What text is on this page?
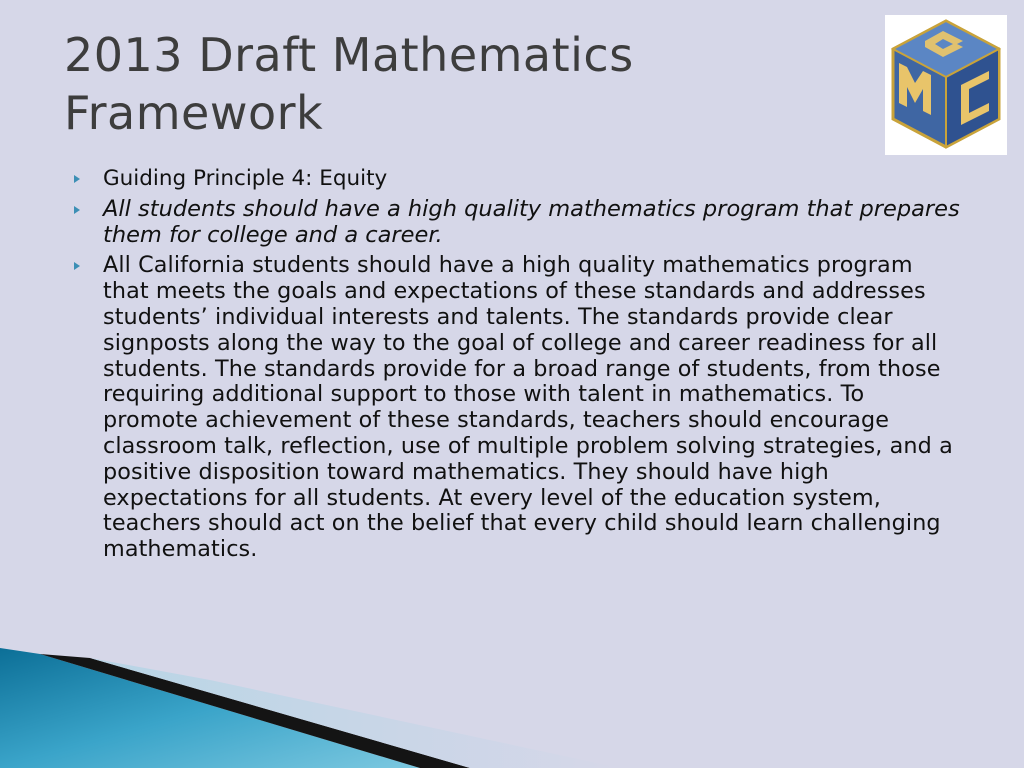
2013 Draft Mathematics Framework
Guiding Principle 4: Equity
All students should have a high quality mathematics program that prepares them for college and a career.
All California students should have a high quality mathematics program that meets the goals and expectations of these standards and addresses students’ individual interests and talents. The standards provide clear signposts along the way to the goal of college and career readiness for all students. The standards provide for a broad range of students, from those requiring additional support to those with talent in mathematics. To promote achievement of these standards, teachers should encourage classroom talk, reflection, use of multiple problem solving strategies, and a positive disposition toward mathematics. They should have high expectations for all students. At every level of the education system, teachers should act on the belief that every child should learn challenging mathematics.
